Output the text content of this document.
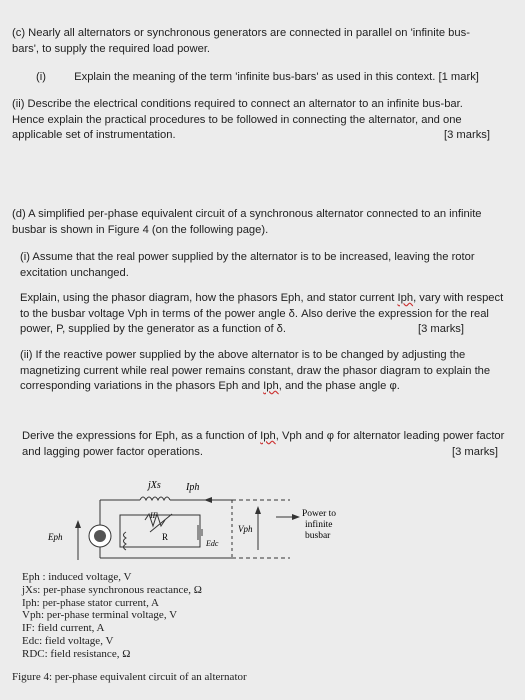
(c) Nearly all alternators or synchronous generators are connected in parallel on 'infinite bus-
bars', to supply the required load power.

(i)	Explain the meaning of the term 'infinite bus-bars' as used in this context. [1 mark]

(ii) Describe the electrical conditions required to connect an alternator to an infinite bus-bar.
Hence explain the practical procedures to be followed in connecting the alternator, and one
applicable set of instrumentation.	[3 marks]

(d) A simplified per-phase equivalent circuit of a synchronous alternator connected to an infinite
busbar is shown in Figure 4 (on the following page).

(i) Assume that the real power supplied by the alternator is to be increased, leaving the rotor
excitation unchanged.

Explain, using the phasor diagram, how the phasors Eph, and stator current Iph, vary with respect
to the busbar voltage Vph in terms of the power angle δ. Also derive the expression for the real
power, P, supplied by the generator as a function of δ.	[3 marks]

(ii) If the reactive power supplied by the above alternator is to be changed by adjusting the
magnetizing current while real power remains constant, draw the phasor diagram to explain the
corresponding variations in the phasors Eph and Iph, and the phase angle φ.

Derive the expressions for Eph, as a function of Iph, Vph and φ for alternator leading power factor
and lagging power factor operations.	[3 marks]

jXs	Iph
IF
R
Eph
Edc
Vph
Power to
infinite
busbar
Eph : induced voltage, V
jXs: per-phase synchronous reactance, Ω
Iph: per-phase stator current, A
Vph: per-phase terminal voltage, V
IF: field current, A
Edc: field voltage, V
RDC: field resistance, Ω
Figure 4: per-phase equivalent circuit of an alternator
